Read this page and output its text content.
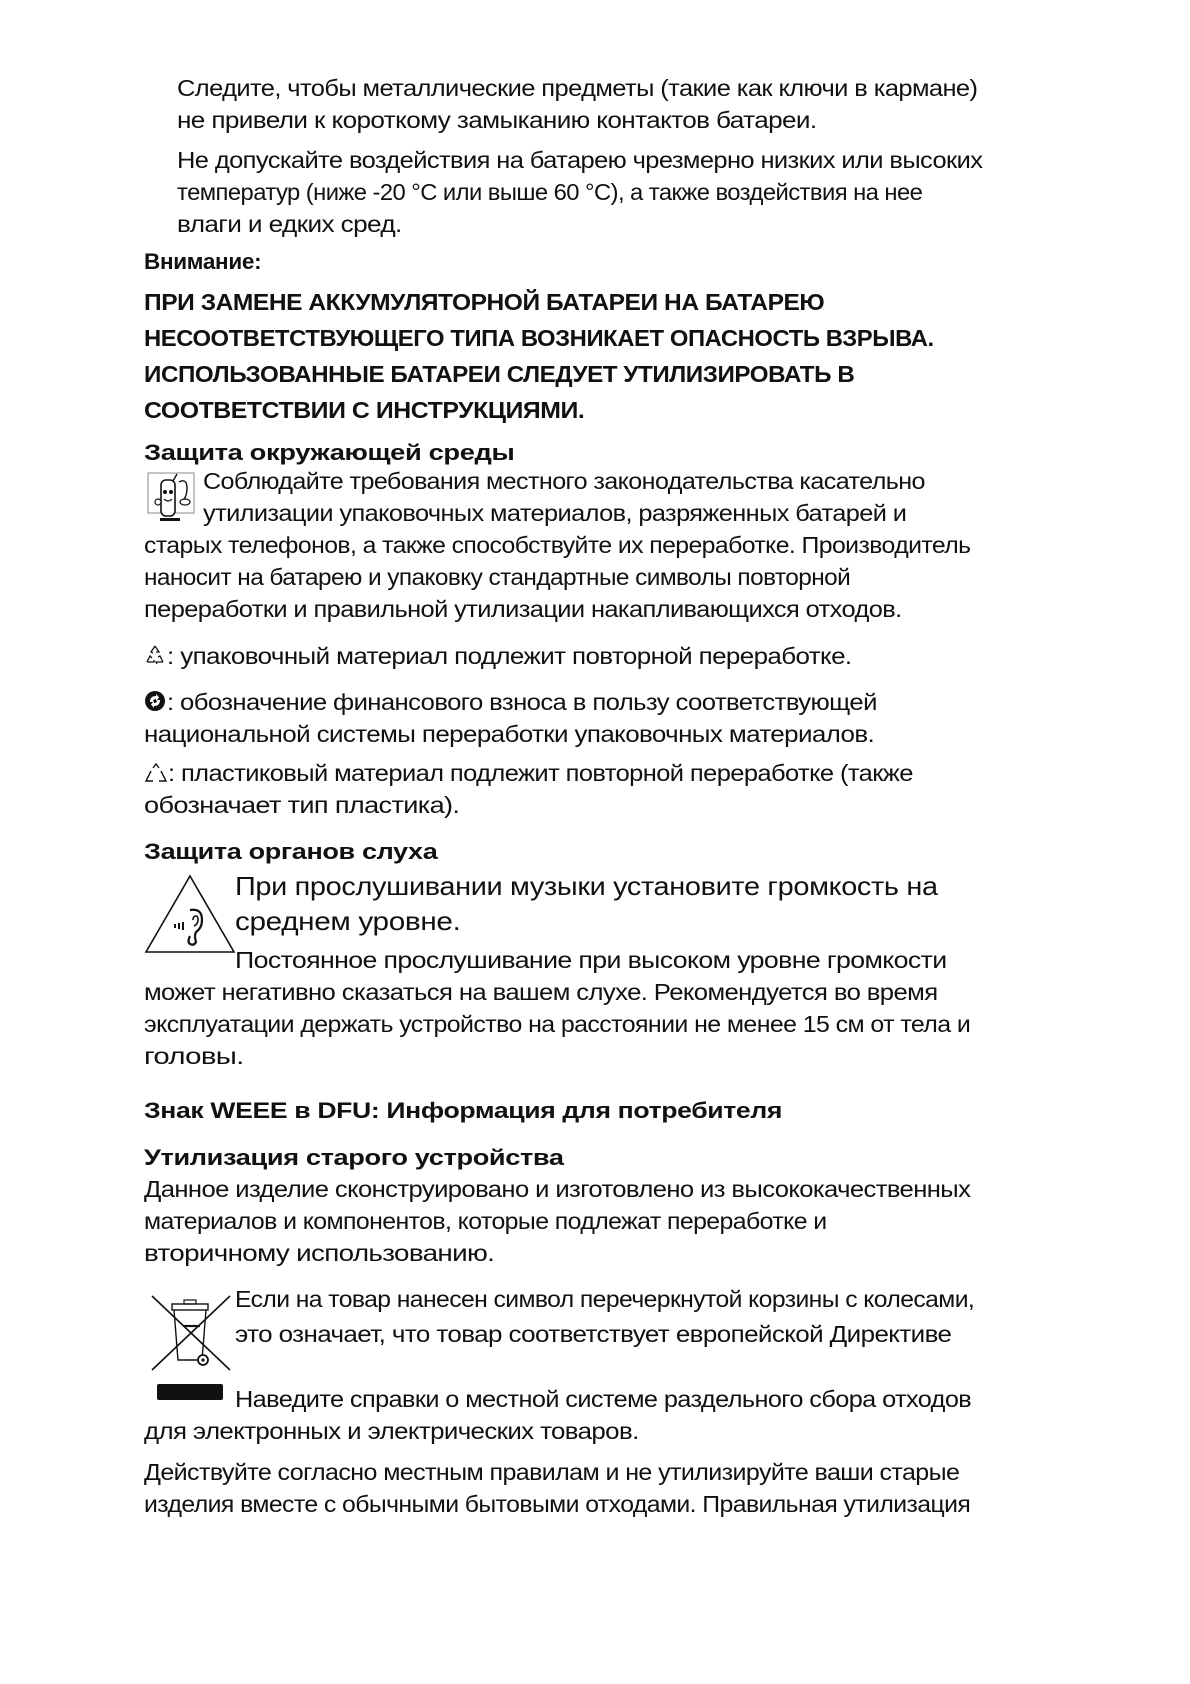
Следите, чтобы металлические предметы (такие как ключи в кармане)
не привели к короткому замыканию контактов батареи.
Не допускайте воздействия на батарею чрезмерно низких или высоких
температур (ниже -20 °C или выше 60 °C), а также воздействия на нее
влаги и едких сред.
Внимание:
ПРИ ЗАМЕНЕ АККУМУЛЯТОРНОЙ БАТАРЕИ НА БАТАРЕЮ
НЕСООТВЕТСТВУЮЩЕГО ТИПА ВОЗНИКАЕТ ОПАСНОСТЬ ВЗРЫВА.
ИСПОЛЬЗОВАННЫЕ БАТАРЕИ СЛЕДУЕТ УТИЛИЗИРОВАТЬ В
СООТВЕТСТВИИ С ИНСТРУКЦИЯМИ.
Защита окружающей среды
Соблюдайте требования местного законодательства касательно
утилизации упаковочных материалов, разряженных батарей и
старых телефонов, а также способствуйте их переработке. Производитель
наносит на батарею и упаковку стандартные символы повторной
переработки и правильной утилизации накапливающихся отходов.
: упаковочный материал подлежит повторной переработке.
: обозначение финансового взноса в пользу соответствующей
национальной системы переработки упаковочных материалов.
: пластиковый материал подлежит повторной переработке (также
обозначает тип пластика).
Защита органов слуха
При прослушивании музыки установите громкость на
среднем уровне.
Постоянное прослушивание при высоком уровне громкости
может негативно сказаться на вашем слухе. Рекомендуется во время
эксплуатации держать устройство на расстоянии не менее 15 см от тела и
головы.
Знак WEEE в DFU: Информация для потребителя
Утилизация старого устройства
Данное изделие сконструировано и изготовлено из высококачественных
материалов и компонентов, которые подлежат переработке и
вторичному использованию.
Если на товар нанесен символ перечеркнутой корзины с колесами,
это означает, что товар соответствует европейской Директиве
Наведите справки о местной системе раздельного сбора отходов
для электронных и электрических товаров.
Действуйте согласно местным правилам и не утилизируйте ваши старые
изделия вместе с обычными бытовыми отходами. Правильная утилизация
